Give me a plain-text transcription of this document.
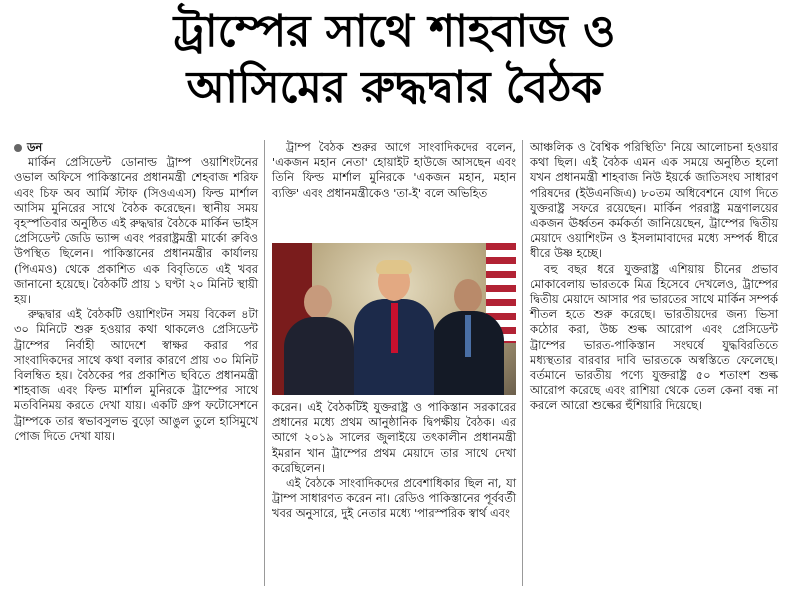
ট্রাম্পের সাথে শাহবাজ ও
আসিমের রুদ্ধদ্বার বৈঠক

ডন

মার্কিন প্রেসিডেন্ট ডোনাল্ড ট্রাম্প ওয়াশিংটনের ওভাল অফিসে পাকিস্তানের প্রধানমন্ত্রী শেহবাজ শরিফ এবং চিফ অব আর্মি স্টাফ (সিওএএস) ফিল্ড মার্শাল আসিম মুনিরের সাথে বৈঠক করেছেন। স্থানীয় সময় বৃহস্পতিবার অনুষ্ঠিত এই রুদ্ধদ্বার বৈঠকে মার্কিন ভাইস প্রেসিডেন্ট জেডি ভ্যান্স এবং পররাষ্ট্রমন্ত্রী মার্কো রুবিও উপস্থিত ছিলেন। পাকিস্তানের প্রধানমন্ত্রীর কার্যালয় (পিএমও) থেকে প্রকাশিত এক বিবৃতিতে এই খবর জানানো হয়েছে। বৈঠকটি প্রায় ১ ঘণ্টা ২০ মিনিট স্থায়ী হয়।

রুদ্ধদ্বার এই বৈঠকটি ওয়াশিংটন সময় বিকেল ৪টা ৩০ মিনিটে শুরু হওয়ার কথা থাকলেও প্রেসিডেন্ট ট্রাম্পের নির্বাহী আদেশে স্বাক্ষর করার পর সাংবাদিকদের সাথে কথা বলার কারণে প্রায় ৩০ মিনিট বিলম্বিত হয়। বৈঠকের পর প্রকাশিত ছবিতে প্রধানমন্ত্রী শাহবাজ এবং ফিল্ড মার্শাল মুনিরকে ট্রাম্পের সাথে মতবিনিময় করতে দেখা যায়। একটি গ্রুপ ফটোসেশনে ট্রাম্পকে তার স্বভাবসুলভ বুড়ো আঙুল তুলে হাসিমুখে পোজ দিতে দেখা যায়।

ট্রাম্প বৈঠক শুরুর আগে সাংবাদিকদের বলেন, 'একজন মহান নেতা' হোয়াইট হাউজে আসছেন এবং তিনি ফিল্ড মার্শাল মুনিরকে 'একজন মহান, মহান ব্যক্তি' এবং প্রধানমন্ত্রীকেও 'তা-ই' বলে অভিহিত

করেন। এই বৈঠকটিই যুক্তরাষ্ট্র ও পাকিস্তান সরকারের প্রধানের মধ্যে প্রথম আনুষ্ঠানিক দ্বিপক্ষীয় বৈঠক। এর আগে ২০১৯ সালের জুলাইয়ে তৎকালীন প্রধানমন্ত্রী ইমরান খান ট্রাম্পের প্রথম মেয়াদে তার সাথে দেখা করেছিলেন।

এই বৈঠকে সাংবাদিকদের প্রবেশাধিকার ছিল না, যা ট্রাম্প সাধারণত করেন না। রেডিও পাকিস্তানের পূর্ববর্তী খবর অনুসারে, দুই নেতার মধ্যে 'পারস্পরিক স্বার্থ এবং

আঞ্চলিক ও বৈশ্বিক পরিস্থিতি' নিয়ে আলোচনা হওয়ার কথা ছিল। এই বৈঠক এমন এক সময়ে অনুষ্ঠিত হলো যখন প্রধানমন্ত্রী শাহবাজ নিউ ইয়র্কে জাতিসংঘ সাধারণ পরিষদের (ইউএনজিএ) ৮০তম অধিবেশনে যোগ দিতে যুক্তরাষ্ট্র সফরে রয়েছেন। মার্কিন পররাষ্ট্র মন্ত্রণালয়ের একজন ঊর্ধ্বতন কর্মকর্তা জানিয়েছেন, ট্রাম্পের দ্বিতীয় মেয়াদে ওয়াশিংটন ও ইসলামাবাদের মধ্যে সম্পর্ক ধীরে ধীরে উষ্ণ হচ্ছে।

বহু বছর ধরে যুক্তরাষ্ট্র এশিয়ায় চীনের প্রভাব মোকাবেলায় ভারতকে মিত্র হিসেবে দেখলেও, ট্রাম্পের দ্বিতীয় মেয়াদে আসার পর ভারতের সাথে মার্কিন সম্পর্ক শীতল হতে শুরু করেছে। ভারতীয়দের জন্য ভিসা কঠোর করা, উচ্চ শুল্ক আরোপ এবং প্রেসিডেন্ট ট্রাম্পের ভারত-পাকিস্তান সংঘর্ষে যুদ্ধবিরতিতে মধ্যস্থতার বারবার দাবি ভারতকে অস্বস্তিতে ফেলেছে। বর্তমানে ভারতীয় পণ্যে যুক্তরাষ্ট্র ৫০ শতাংশ শুল্ক আরোপ করেছে এবং রাশিয়া থেকে তেল কেনা বন্ধ না করলে আরো শুল্কের হুঁশিয়ারি দিয়েছে।
